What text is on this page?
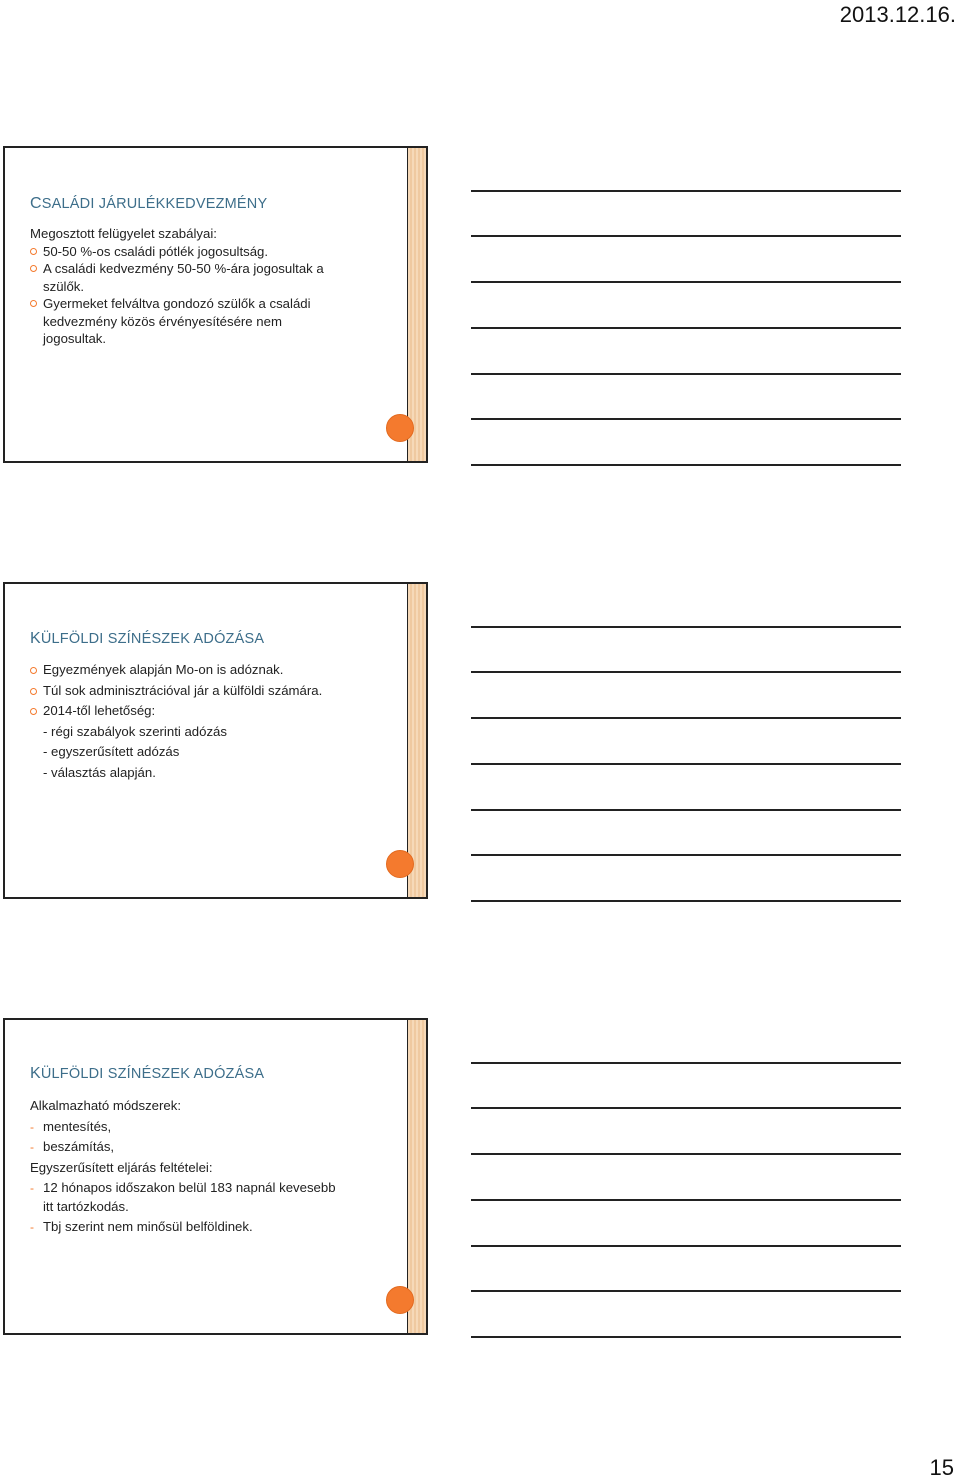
2013.12.16.
CSALÁDI JÁRULÉKKEDVEZMÉNY
Megosztott felügyelet szabályai:
50-50 %-os családi pótlék jogosultság.
A családi kedvezmény 50-50 %-ára jogosultak a
szülők.
Gyermeket felváltva gondozó szülők a családi
kedvezmény közös érvényesítésére nem
jogosultak.
KÜLFÖLDI SZÍNÉSZEK ADÓZÁSA
Egyezmények alapján Mo-on is adóznak.
Túl sok adminisztrációval jár a külföldi számára.
2014-től lehetőség:
- régi szabályok szerinti adózás
- egyszerűsített adózás
- választás alapján.
KÜLFÖLDI SZÍNÉSZEK ADÓZÁSA
Alkalmazható módszerek:
- mentesítés,
- beszámítás,
Egyszerűsített eljárás feltételei:
- 12 hónapos időszakon belül 183 napnál kevesebb
itt tartózkodás.
- Tbj szerint nem minősül belföldinek.
15
